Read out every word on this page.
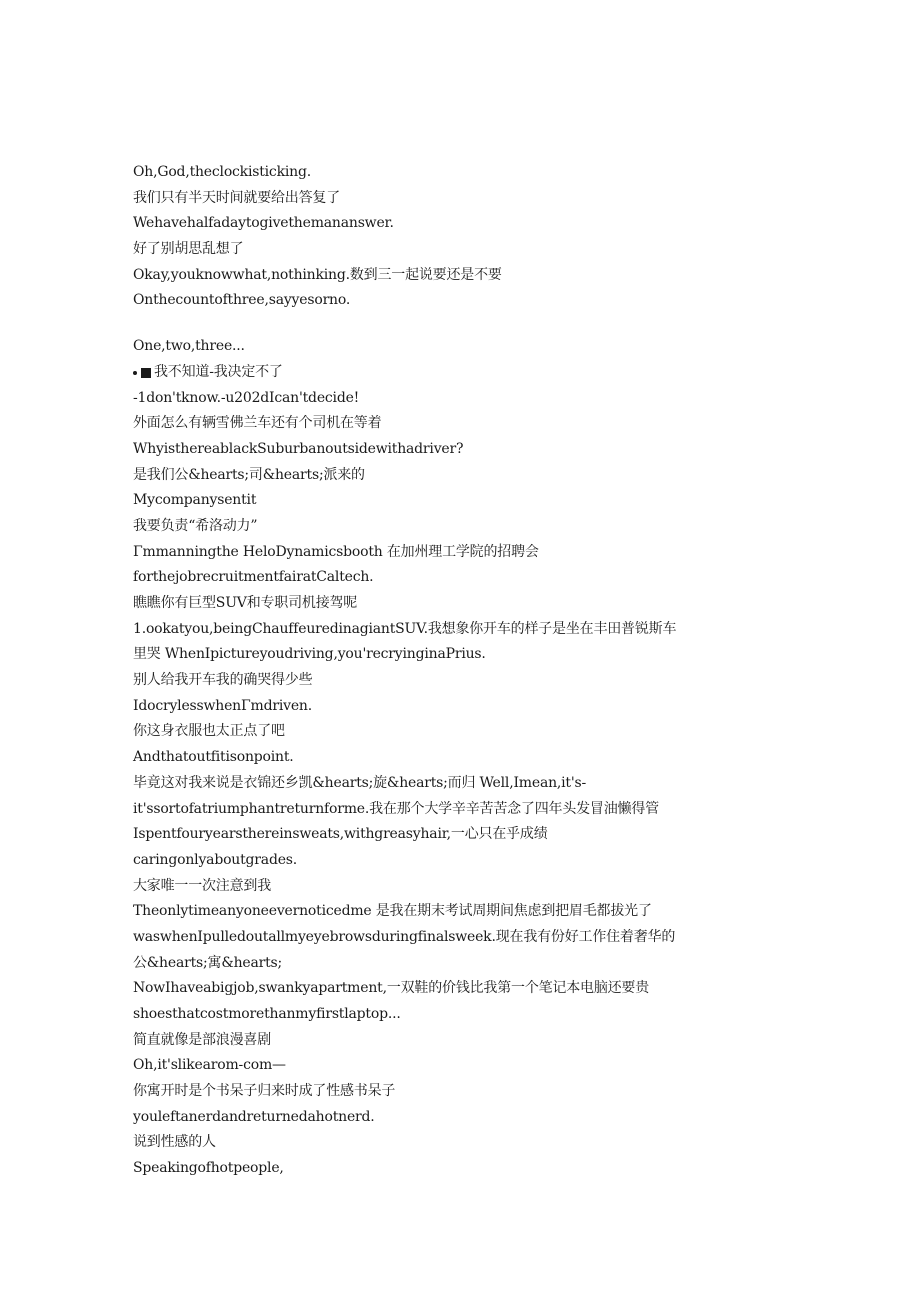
Oh,God,theclockisticking.
我们只有半天时间就要给出答复了
Wehavehalfadaytogivethemananswer.
好了别胡思乱想了
Okay,youknowwhat,nothinking.数到三一起说要还是不要
Onthecountofthree,sayyesorno.
One,two,three...
我不知道-我决定不了
-1don'tknow.-u202dIcan'tdecide!
外面怎么有辆雪佛兰车还有个司机在等着
WhyisthereablackSuburbanoutsidewithadriver?
是我们公&hearts;司&hearts;派来的
Mycompanysentit
我要负责“希洛动力”
Γmmanningthe HeloDynamicsbooth 在加州理工学院的招聘会
forthejobrecruitmentfairatCaltech.
瞧瞧你有巨型SUV和专职司机接驾呢
1.ookatyou,beingChauffeuredinagiantSUV.我想象你开车的样子是坐在丰田普锐斯车
里哭 WhenIpictureyoudriving,you'recryinginaPrius.
别人给我开车我的确哭得少些
IdocrylesswhenΓmdriven.
你这身衣服也太正点了吧
Andthatoutfitisonpoint.
毕竟这对我来说是衣锦还乡凯&hearts;旋&hearts;而归 Well,Imean,it's-
it'ssortofatriumphantreturnforme.我在那个大学辛辛苦苦念了四年头发冒油懒得管
Ispentfouryearsthereinsweats,withgreasyhair,一心只在乎成绩
caringonlyaboutgrades.
大家唯一一次注意到我
Theonlytimeanyoneevernoticedme 是我在期末考试周期间焦虑到把眉毛都拔光了
waswhenIpulledoutallmyeyebrowsduringfinalsweek.现在我有份好工作住着奢华的
公&hearts;寓&hearts;
NowIhaveabigjob,swankyapartment,一双鞋的价钱比我第一个笔记本电脑还要贵
shoesthatcostmorethanmyfirstlaptop...
简直就像是部浪漫喜剧
Oh,it'slikearom-com—
你寓开时是个书呆子归来时成了性感书呆子
youleftanerdandreturnedahotnerd.
说到性感的人
Speakingofhotpeople,
